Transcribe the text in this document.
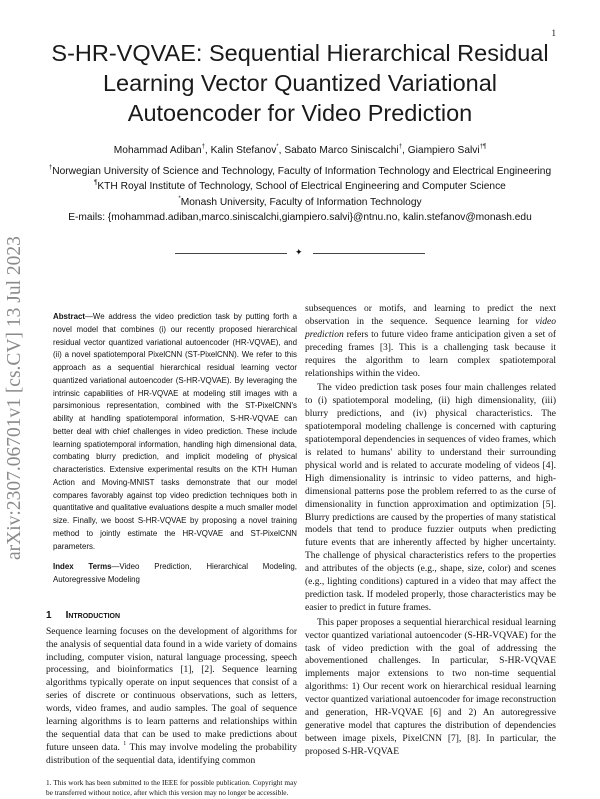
1
arXiv:2307.06701v1 [cs.CV] 13 Jul 2023
S-HR-VQVAE: Sequential Hierarchical Residual Learning Vector Quantized Variational Autoencoder for Video Prediction
Mohammad Adiban†, Kalin Stefanov*, Sabato Marco Siniscalchi†, Giampiero Salvi†¶
†Norwegian University of Science and Technology, Faculty of Information Technology and Electrical Engineering
¶KTH Royal Institute of Technology, School of Electrical Engineering and Computer Science
*Monash University, Faculty of Information Technology
E-mails: {mohammad.adiban,marco.siniscalchi,giampiero.salvi}@ntnu.no, kalin.stefanov@monash.edu
✦

Abstract—We address the video prediction task by putting forth a novel model that combines (i) our recently proposed hierarchical residual vector quantized variational autoencoder (HR-VQVAE), and (ii) a novel spatiotemporal PixelCNN (ST-PixelCNN). We refer to this approach as a sequential hierarchical residual learning vector quantized variational autoencoder (S-HR-VQVAE). By leveraging the intrinsic capabilities of HR-VQVAE at modeling still images with a parsimonious representation, combined with the ST-PixelCNN's ability at handling spatiotemporal information, S-HR-VQVAE can better deal with chief challenges in video prediction. These include learning spatiotemporal information, handling high dimensional data, combating blurry prediction, and implicit modeling of physical characteristics. Extensive experimental results on the KTH Human Action and Moving-MNIST tasks demonstrate that our model compares favorably against top video prediction techniques both in quantitative and qualitative evaluations despite a much smaller model size. Finally, we boost S-HR-VQVAE by proposing a novel training method to jointly estimate the HR-VQVAE and ST-PixelCNN parameters.

Index Terms—Video Prediction, Hierarchical Modeling, Autoregressive Modeling

1 Introduction

Sequence learning focuses on the development of algorithms for the analysis of sequential data found in a wide variety of domains including, computer vision, natural language processing, speech processing, and bioinformatics [1], [2]. Sequence learning algorithms typically operate on input sequences that consist of a series of discrete or continuous observations, such as letters, words, video frames, and audio samples. The goal of sequence learning algorithms is to learn patterns and relationships within the sequential data that can be used to make predictions about future unseen data. $^1$ This may involve modeling the probability distribution of the sequential data, identifying common

1. This work has been submitted to the IEEE for possible publication. Copyright may be transferred without notice, after which this version may no longer be accessible.

subsequences or motifs, and learning to predict the next observation in the sequence. Sequence learning for video prediction refers to future video frame anticipation given a set of preceding frames [3]. This is a challenging task because it requires the algorithm to learn complex spatiotemporal relationships within the video.

The video prediction task poses four main challenges related to (i) spatiotemporal modeling, (ii) high dimensionality, (iii) blurry predictions, and (iv) physical characteristics. The spatiotemporal modeling challenge is concerned with capturing spatiotemporal dependencies in sequences of video frames, which is related to humans' ability to understand their surrounding physical world and is related to accurate modeling of videos [4]. High dimensionality is intrinsic to video patterns, and high-dimensional patterns pose the problem referred to as the curse of dimensionality in function approximation and optimization [5]. Blurry predictions are caused by the properties of many statistical models that tend to produce fuzzier outputs when predicting future events that are inherently affected by higher uncertainty. The challenge of physical characteristics refers to the properties and attributes of the objects (e.g., shape, size, color) and scenes (e.g., lighting conditions) captured in a video that may affect the prediction task. If modeled properly, those characteristics may be easier to predict in future frames.

This paper proposes a sequential hierarchical residual learning vector quantized variational autoencoder (S-HR-VQVAE) for the task of video prediction with the goal of addressing the abovementioned challenges. In particular, S-HR-VQVAE implements major extensions to two non-time sequential algorithms: 1) Our recent work on hierarchical residual learning vector quantized variational autoencoder for image reconstruction and generation, HR-VQVAE [6] and 2) An autoregressive generative model that captures the distribution of dependencies between image pixels, PixelCNN [7], [8]. In particular, the proposed S-HR-VQVAE
